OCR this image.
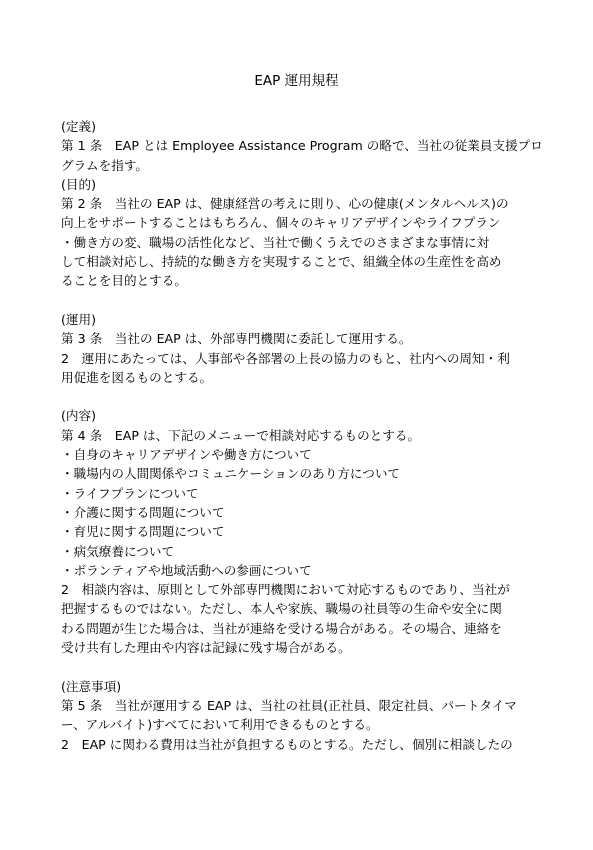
EAP 運用規程
(定義)
第 1 条　EAP とは Employee Assistance Program の略で、当社の従業員支援プロ
グラムを指す。
(目的)
第 2 条　当社の EAP は、健康経営の考えに則り、心の健康(メンタルヘルス)の
向上をサポートすることはもちろん、個々のキャリアデザインやライフプラン
・働き方の変、職場の活性化など、当社で働くうえでのさまざまな事情に対
して相談対応し、持続的な働き方を実現することで、組織全体の生産性を高め
ることを目的とする。
(運用)
第 3 条　当社の EAP は、外部専門機関に委託して運用する。
2　運用にあたっては、人事部や各部署の上長の協力のもと、社内への周知・利
用促進を図るものとする。
(内容)
第 4 条　EAP は、下記のメニューで相談対応するものとする。
・自身のキャリアデザインや働き方について
・職場内の人間関係やコミュニケーションのあり方について
・ライフプランについて
・介護に関する問題について
・育児に関する問題について
・病気療養について
・ボランティアや地域活動への参画について
2　相談内容は、原則として外部専門機関において対応するものであり、当社が
把握するものではない。ただし、本人や家族、職場の社員等の生命や安全に関
わる問題が生じた場合は、当社が連絡を受ける場合がある。その場合、連絡を
受け共有した理由や内容は記録に残す場合がある。
(注意事項)
第 5 条　当社が運用する EAP は、当社の社員(正社員、限定社員、パートタイマ
ー、アルバイト)すべてにおいて利用できるものとする。
2　EAP に関わる費用は当社が負担するものとする。ただし、個別に相談したの
